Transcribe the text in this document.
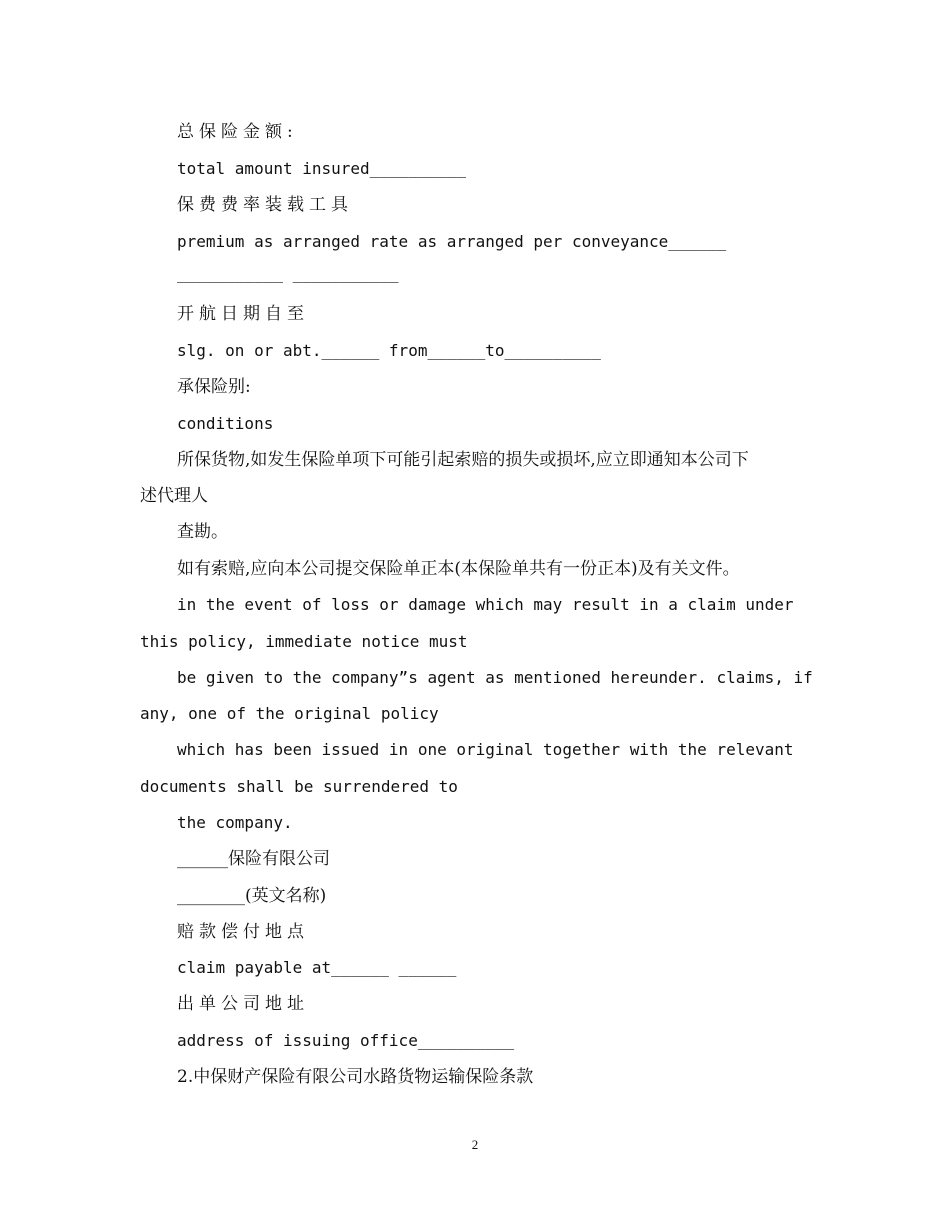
总保险金额:

total amount insured__________

保费费率装载工具

premium as arranged rate as arranged per conveyance______

___________ ___________

开航日期自至

slg. on or abt.______ from______to__________

承保险别:

conditions

所保货物,如发生保险单项下可能引起索赔的损失或损坏,应立即通知本公司下

述代理人

查勘。

如有索赔,应向本公司提交保险单正本(本保险单共有一份正本)及有关文件。

in the event of loss or damage which may result in a claim under

this policy, immediate notice must

be given to the company”s agent as mentioned hereunder. claims, if

any, one of the original policy

which has been issued in one original together with the relevant

documents shall be surrendered to

the company.

______保险有限公司

________(英文名称)

赔款偿付地点

claim payable at______ ______

出单公司地址

address of issuing office__________

2.中保财产保险有限公司水路货物运输保险条款

2
